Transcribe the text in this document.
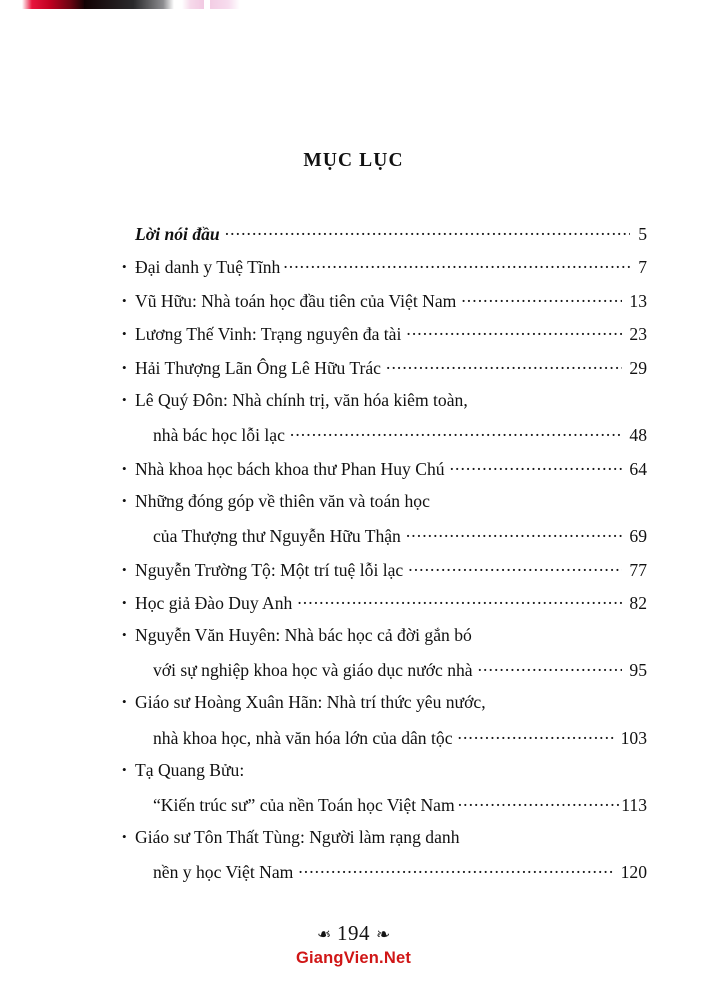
MỤC LỤC
Lời nói đầu .....	5
• Đại danh y Tuệ Tĩnh .....	7
• Vũ Hữu: Nhà toán học đầu tiên của Việt Nam .....	13
• Lương Thế Vinh: Trạng nguyên đa tài .....	23
• Hải Thượng Lãn Ông Lê Hữu Trác .....	29
• Lê Quý Đôn: Nhà chính trị, văn hóa kiêm toàn,
nhà bác học lỗi lạc .....	48
• Nhà khoa học bách khoa thư Phan Huy Chú .....	64
• Những đóng góp về thiên văn và toán học
của Thượng thư Nguyễn Hữu Thận .....	69
• Nguyễn Trường Tộ: Một trí tuệ lỗi lạc .....	77
• Học giả Đào Duy Anh .....	82
• Nguyễn Văn Huyên: Nhà bác học cả đời gắn bó
với sự nghiệp khoa học và giáo dục nước nhà .....	95
• Giáo sư Hoàng Xuân Hãn: Nhà trí thức yêu nước,
nhà khoa học, nhà văn hóa lớn của dân tộc .....	103
• Tạ Quang Bửu:
“Kiến trúc sư” của nền Toán học Việt Nam .....	113
• Giáo sư Tôn Thất Tùng: Người làm rạng danh
nền y học Việt Nam .....	120
❧ 194 ❧
GiangVien.Net
